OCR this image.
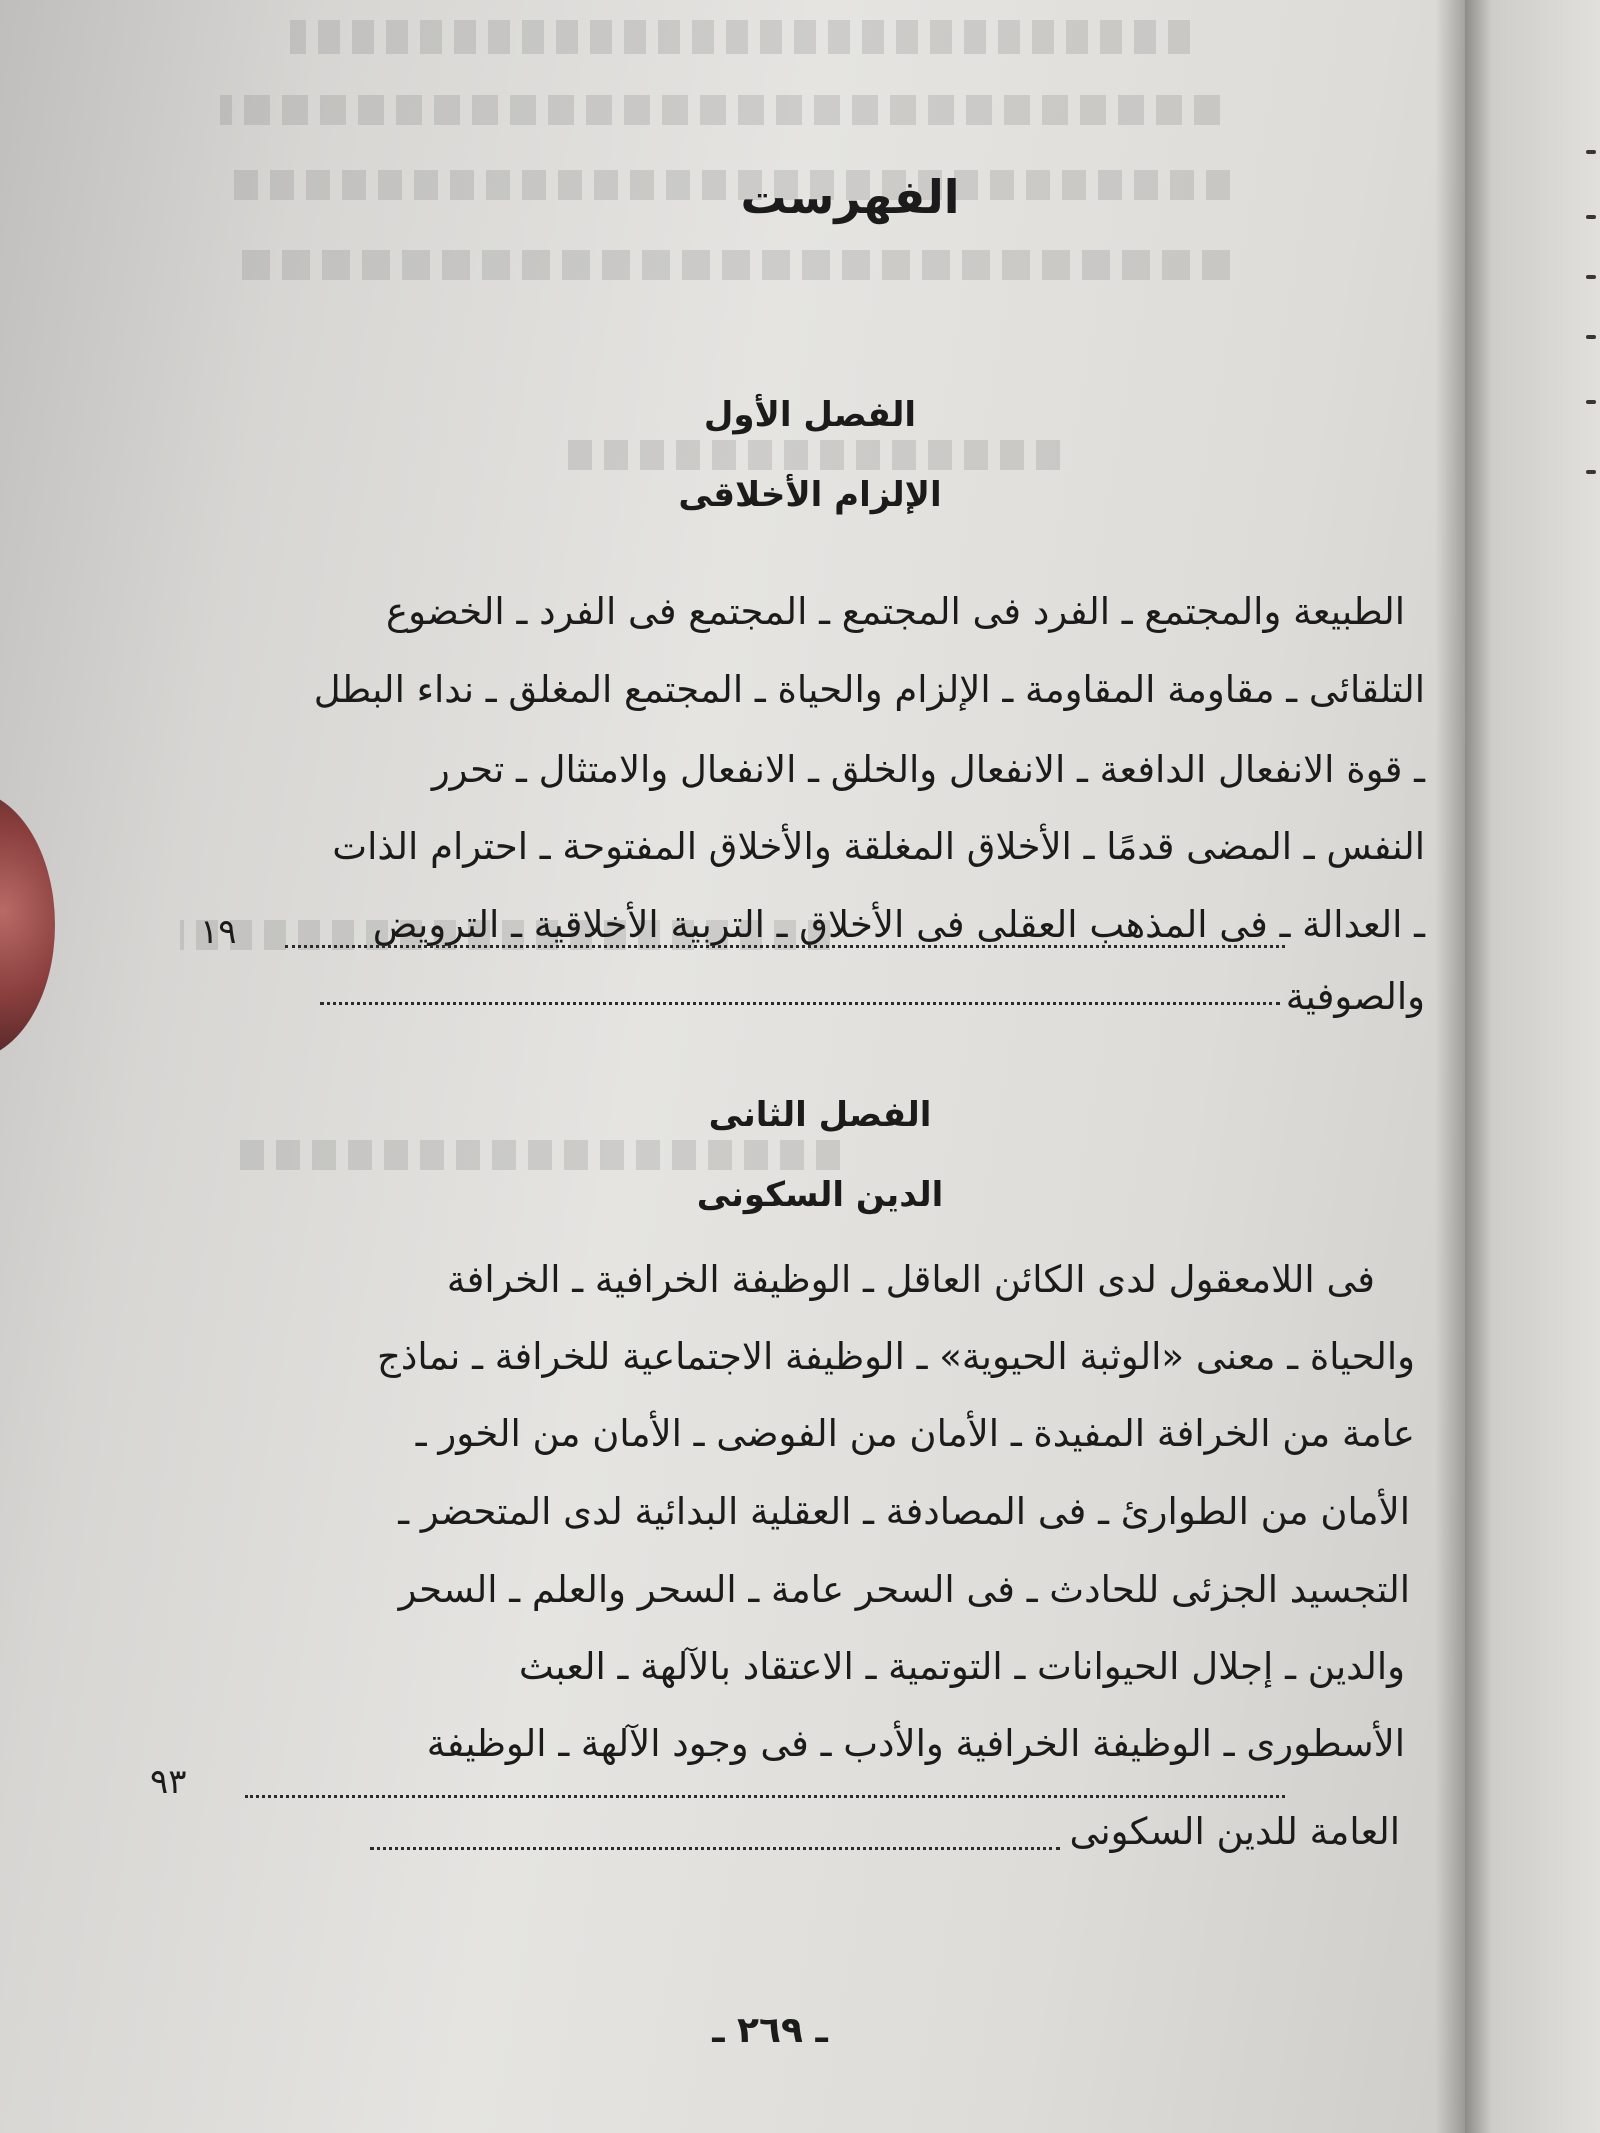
الفهرست
الفصل الأول
الإلزام الأخلاقى
الطبيعة والمجتمع ـ الفرد فى المجتمع ـ المجتمع فى الفرد ـ الخضوع
التلقائى ـ مقاومة المقاومة ـ الإلزام والحياة ـ المجتمع المغلق ـ نداء البطل
ـ قوة الانفعال الدافعة ـ الانفعال والخلق ـ الانفعال والامتثال ـ تحرر
النفس ـ المضى قدمًا ـ الأخلاق المغلقة والأخلاق المفتوحة ـ احترام الذات
ـ العدالة ـ فى المذهب العقلى فى الأخلاق ـ التربية الأخلاقية ـ الترويض
والصوفية
١٩
الفصل الثانى
الدين السكونى
فى اللامعقول لدى الكائن العاقل ـ الوظيفة الخرافية ـ الخرافة
والحياة ـ معنى «الوثبة الحيوية» ـ الوظيفة الاجتماعية للخرافة ـ نماذج
عامة من الخرافة المفيدة ـ الأمان من الفوضى ـ الأمان من الخور ـ
الأمان من الطوارئ ـ فى المصادفة ـ العقلية البدائية لدى المتحضر ـ
التجسيد الجزئى للحادث ـ فى السحر عامة ـ السحر والعلم ـ السحر
والدين ـ إجلال الحيوانات ـ التوتمية ـ الاعتقاد بالآلهة ـ العبث
الأسطورى ـ الوظيفة الخرافية والأدب ـ فى وجود الآلهة ـ الوظيفة
العامة للدين السكونى
٩٣
ـ ٢٦٩ ـ
